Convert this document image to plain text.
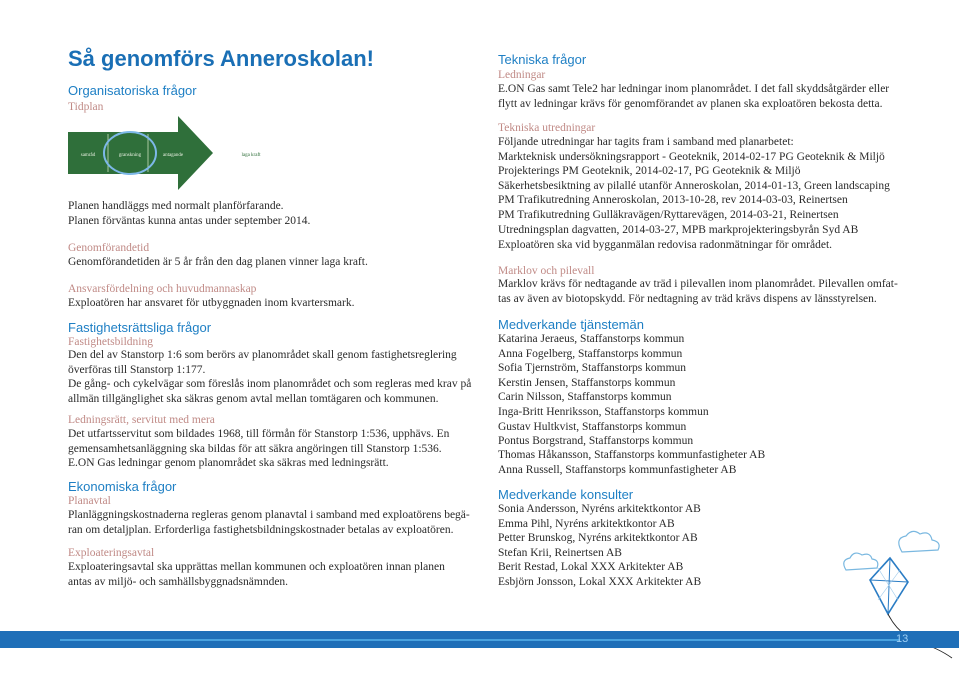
Så genomförs Anneroskolan!
Organisatoriska frågor
Tidplan
samråd	granskning	antagande	laga kraft
Planen handläggs med normalt planförfarande.
Planen förväntas kunna antas under september 2014.
Genomförandetid
Genomförandetiden är 5 år från den dag planen vinner laga kraft.
Ansvarsfördelning och huvudmannaskap
Exploatören har ansvaret för utbyggnaden inom kvartersmark.
Fastighetsrättsliga frågor
Fastighetsbildning
Den del av Stanstorp 1:6 som berörs av planområdet skall genom fastighetsreglering
överföras till Stanstorp 1:177.
De gång- och cykelvägar som föreslås inom planområdet och som regleras med krav på
allmän tillgänglighet ska säkras genom avtal mellan tomtägaren och kommunen.
Ledningsrätt, servitut med mera
Det utfartsservitut som bildades 1968, till förmån för Stanstorp 1:536, upphävs. En
gemensamhetsanläggning ska bildas för att säkra angöringen till Stanstorp 1:536.
E.ON Gas ledningar genom planområdet ska säkras med ledningsrätt.
Ekonomiska frågor
Planavtal
Planläggningskostnaderna regleras genom planavtal i samband med exploatörens begä-
ran om detaljplan. Erforderliga fastighetsbildningskostnader betalas av exploatören.
Exploateringsavtal
Exploateringsavtal ska upprättas mellan kommunen och exploatören innan planen
antas av miljö- och samhällsbyggnadsnämnden.
Tekniska frågor
Ledningar
E.ON Gas samt Tele2 har ledningar inom planområdet. I det fall skyddsåtgärder eller
flytt av ledningar krävs för genomförandet av planen ska exploatören bekosta detta.
Tekniska utredningar
Följande utredningar har tagits fram i samband med planarbetet:
Markteknisk undersökningsrapport - Geoteknik, 2014-02-17 PG Geoteknik & Miljö
Projekterings PM Geoteknik, 2014-02-17, PG Geoteknik & Miljö
Säkerhetsbesiktning av pilallé utanför Anneroskolan, 2014-01-13, Green landscaping
PM Trafikutredning Anneroskolan, 2013-10-28, rev 2014-03-03, Reinertsen
PM Trafikutredning Gulläkravägen/Ryttarevägen, 2014-03-21, Reinertsen
Utredningsplan dagvatten, 2014-03-27, MPB markprojekteringsbyrån Syd AB
Exploatören ska vid bygganmälan redovisa radonmätningar för området.
Marklov och pilevall
Marklov krävs för nedtagande av träd i pilevallen inom planområdet. Pilevallen omfat-
tas av även av biotopskydd. För nedtagning av träd krävs dispens av länsstyrelsen.
Medverkande tjänstemän
Katarina Jeraeus, Staffanstorps kommun
Anna Fogelberg, Staffanstorps kommun
Sofia Tjernström, Staffanstorps kommun
Kerstin Jensen, Staffanstorps kommun
Carin Nilsson, Staffanstorps kommun
Inga-Britt Henriksson, Staffanstorps kommun
Gustav Hultkvist, Staffanstorps kommun
Pontus Borgstrand, Staffanstorps kommun
Thomas Håkansson, Staffanstorps kommunfastigheter AB
Anna Russell, Staffanstorps kommunfastigheter AB
Medverkande konsulter
Sonia Andersson, Nyréns arkitektkontor AB
Emma Pihl, Nyréns arkitektkontor AB
Petter Brunskog, Nyréns arkitektkontor AB
Stefan Krii, Reinertsen AB
Berit Restad, Lokal XXX Arkitekter AB
Esbjörn Jonsson, Lokal XXX Arkitekter AB
13
